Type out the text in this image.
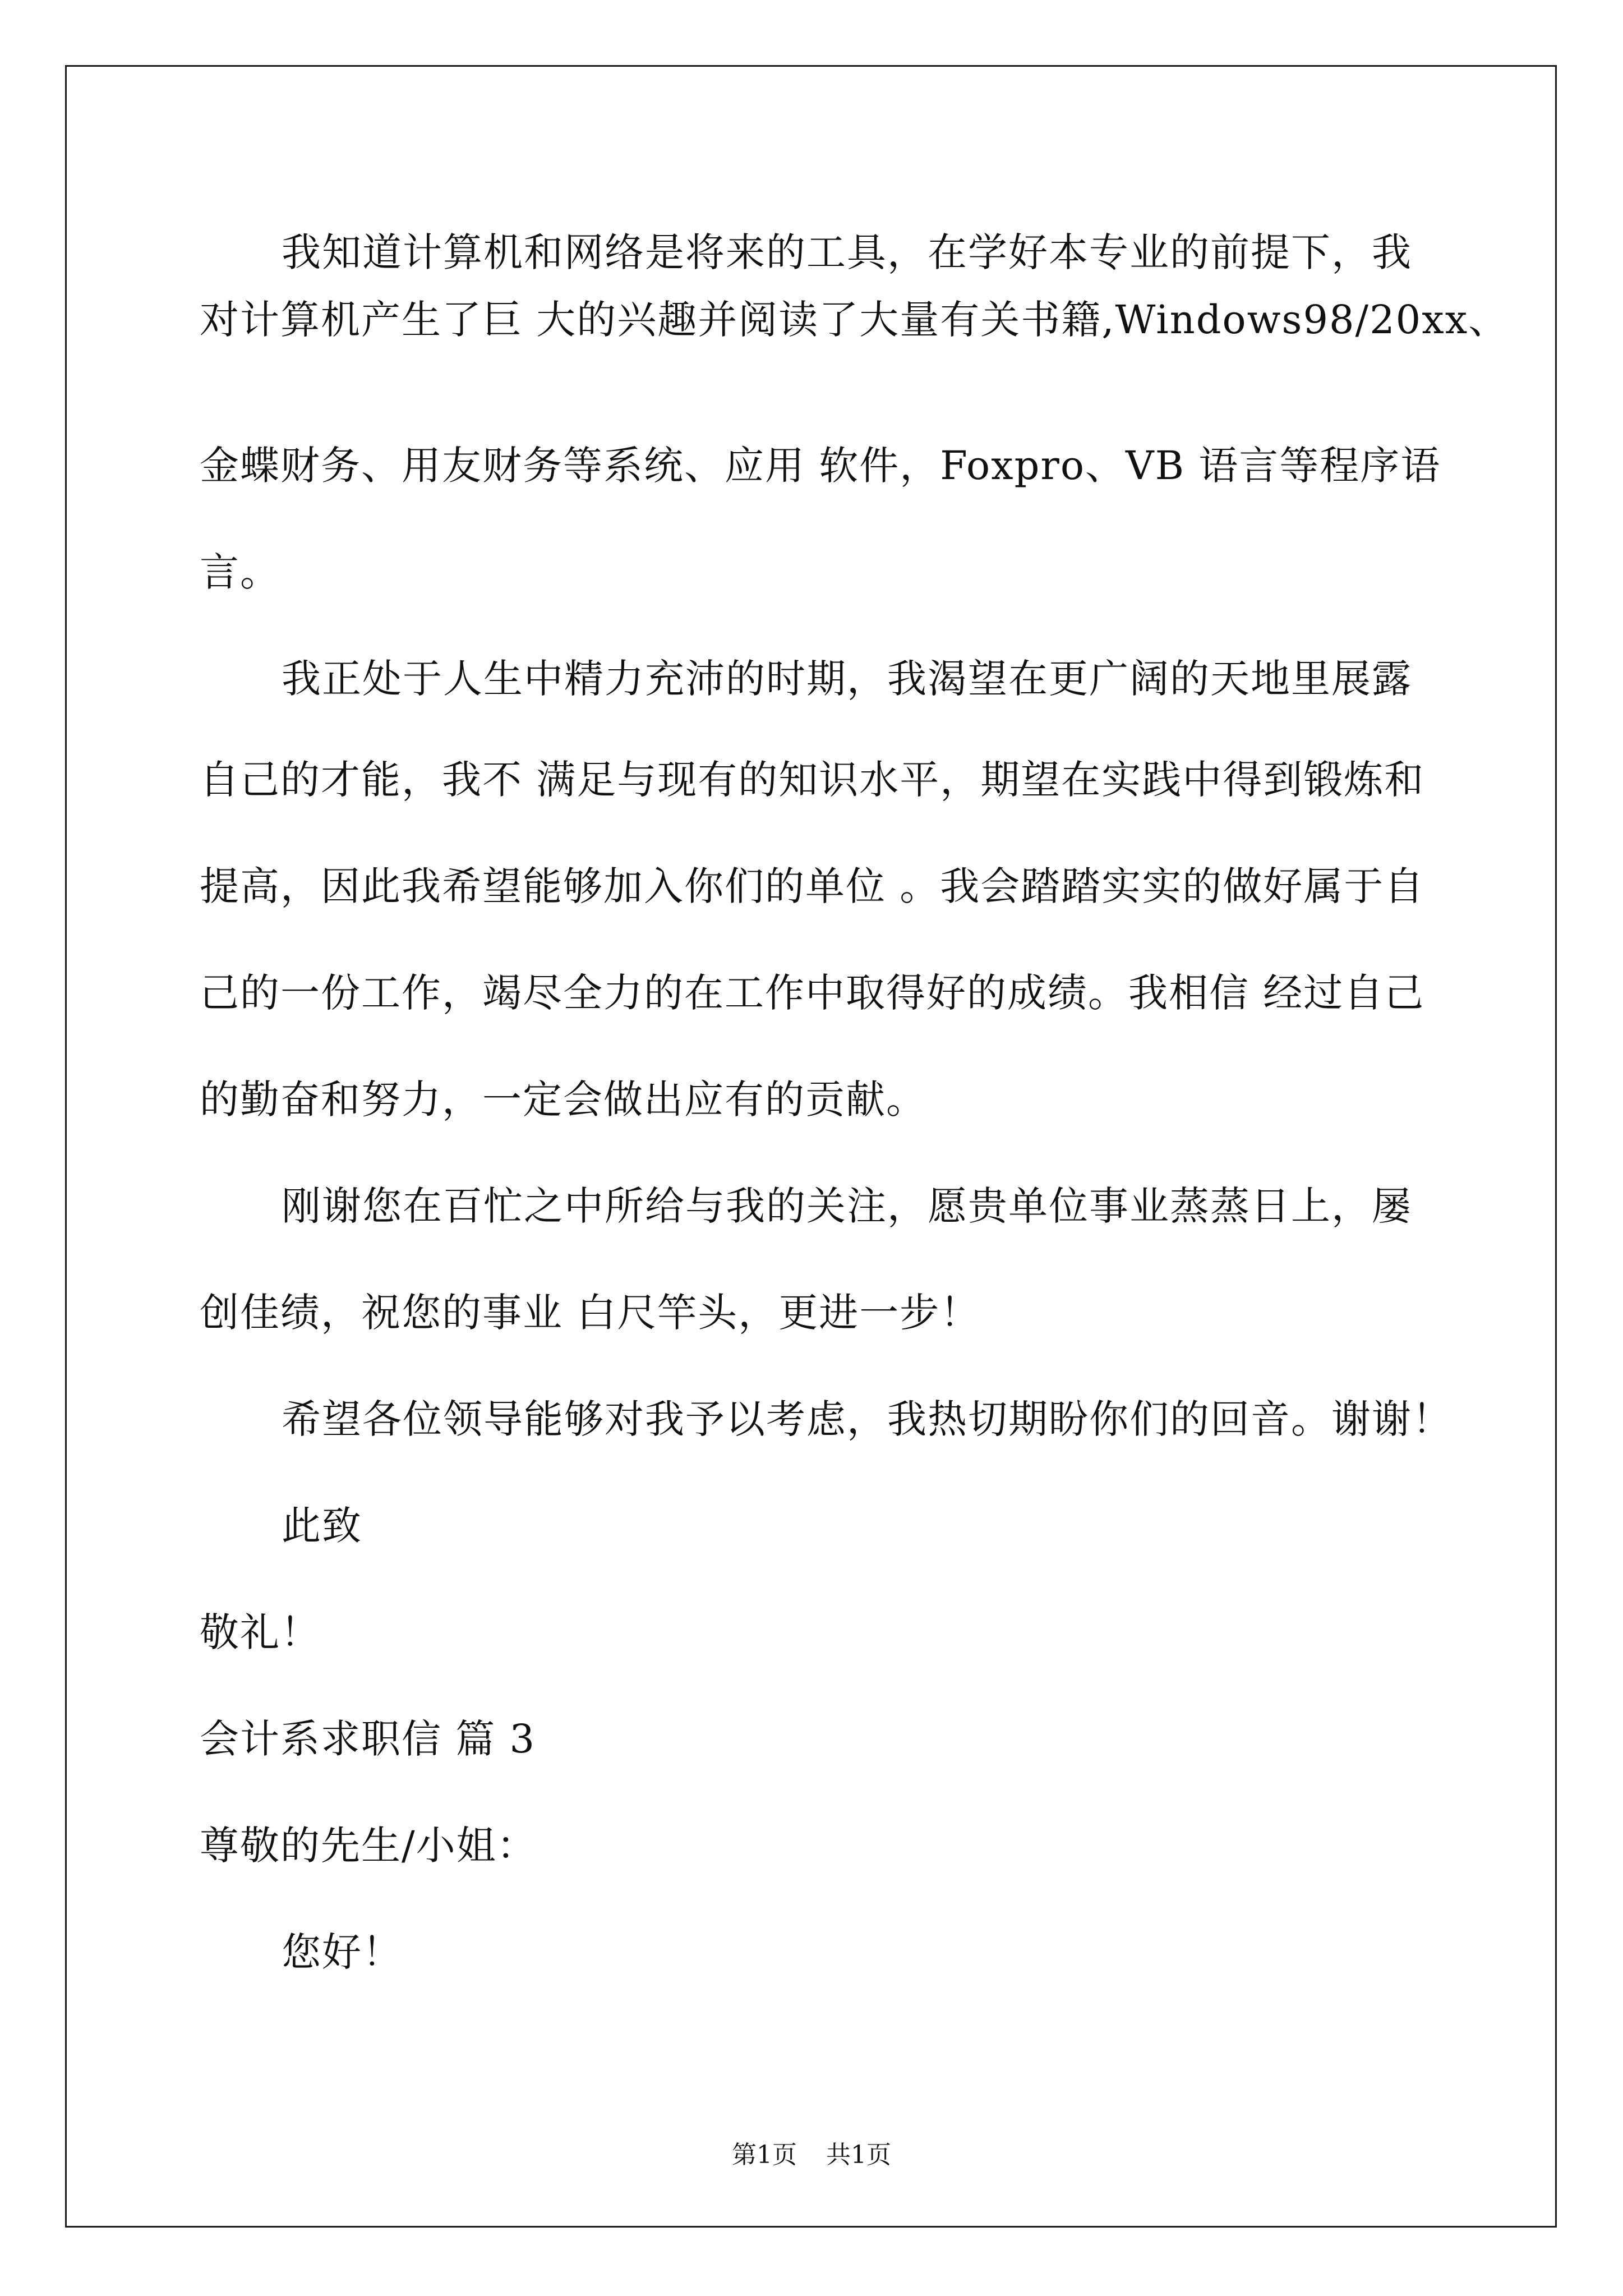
我知道计算机和网络是将来的工具，在学好本专业的前提下，我
对计算机产生了巨 大的兴趣并阅读了大量有关书籍,Windows98/20xx、
金蝶财务、用友财务等系统、应用 软件，Foxpro、VB 语言等程序语
言。
我正处于人生中精力充沛的时期，我渴望在更广阔的天地里展露
自己的才能，我不 满足与现有的知识水平，期望在实践中得到锻炼和
提高，因此我希望能够加入你们的单位 。我会踏踏实实的做好属于自
己的一份工作，竭尽全力的在工作中取得好的成绩。我相信 经过自己
的勤奋和努力，一定会做出应有的贡献。
刚谢您在百忙之中所给与我的关注，愿贵单位事业蒸蒸日上，屡
创佳绩，祝您的事业 白尺竿头，更进一步！
希望各位领导能够对我予以考虑，我热切期盼你们的回音。谢谢！
此致
敬礼！
会计系求职信 篇 3
尊敬的先生/小姐：
您好！
第1页 共1页
